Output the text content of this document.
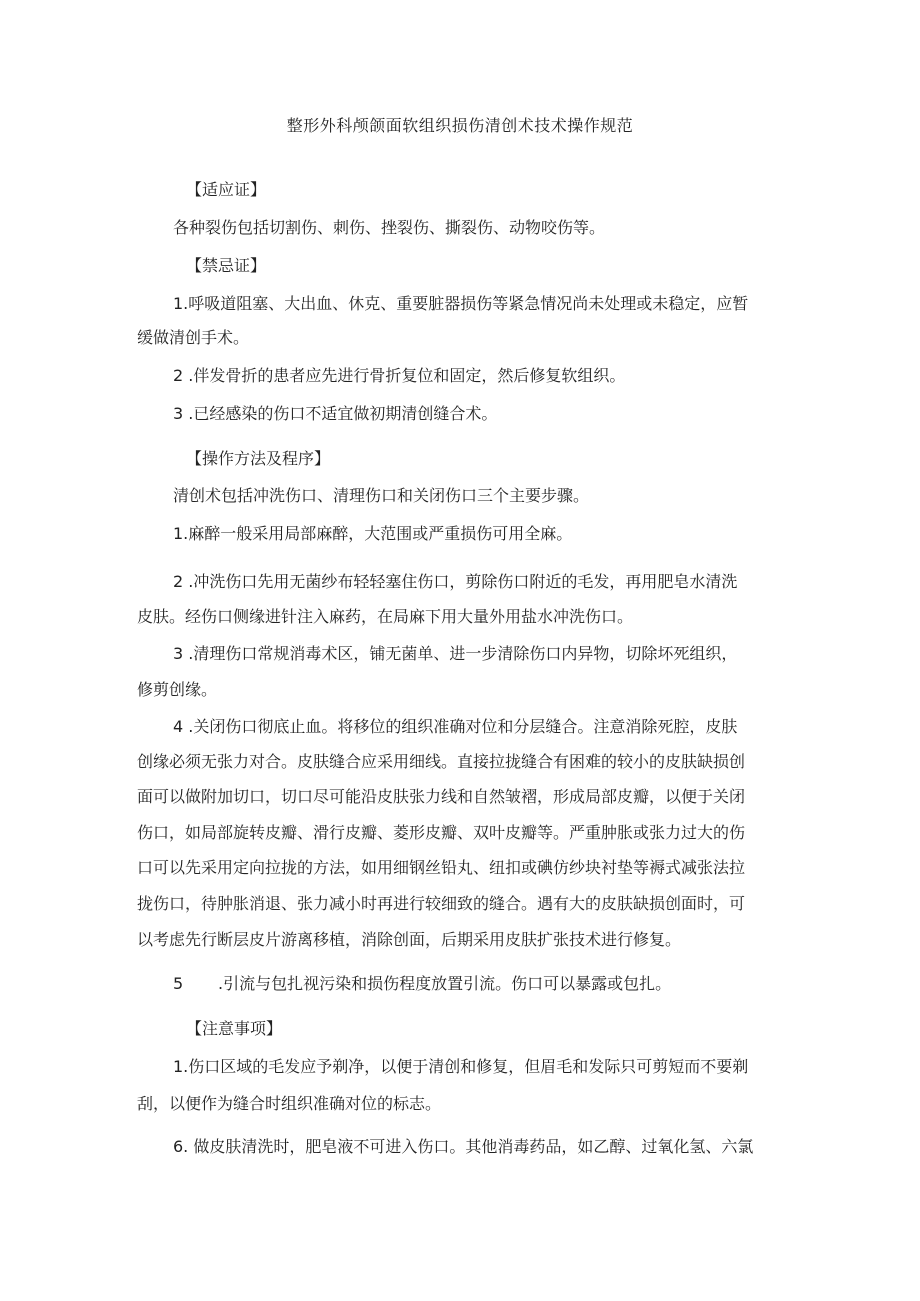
整形外科颅颌面软组织损伤清创术技术操作规范
【适应证】
各种裂伤包括切割伤、刺伤、挫裂伤、撕裂伤、动物咬伤等。
【禁忌证】
1.呼吸道阻塞、大出血、休克、重要脏器损伤等紧急情况尚未处理或未稳定，应暂
缓做清创手术。
2 .伴发骨折的患者应先进行骨折复位和固定，然后修复软组织。
3 .已经感染的伤口不适宜做初期清创缝合术。
【操作方法及程序】
清创术包括冲洗伤口、清理伤口和关闭伤口三个主要步骤。
1.麻醉一般采用局部麻醉，大范围或严重损伤可用全麻。
2 .冲洗伤口先用无菌纱布轻轻塞住伤口，剪除伤口附近的毛发，再用肥皂水清洗
皮肤。经伤口侧缘进针注入麻药，在局麻下用大量外用盐水冲洗伤口。
3 .清理伤口常规消毒术区，铺无菌单、进一步清除伤口内异物，切除坏死组织，
修剪创缘。
4 .关闭伤口彻底止血。将移位的组织准确对位和分层缝合。注意消除死腔，皮肤
创缘必须无张力对合。皮肤缝合应采用细线。直接拉拢缝合有困难的较小的皮肤缺损创
面可以做附加切口，切口尽可能沿皮肤张力线和自然皱褶，形成局部皮瓣，以便于关闭
伤口，如局部旋转皮瓣、滑行皮瓣、菱形皮瓣、双叶皮瓣等。严重肿胀或张力过大的伤
口可以先采用定向拉拢的方法，如用细钢丝铅丸、纽扣或碘仿纱块衬垫等褥式减张法拉
拢伤口，待肿胀消退、张力减小时再进行较细致的缝合。遇有大的皮肤缺损创面时，可
以考虑先行断层皮片游离移植，消除创面，后期采用皮肤扩张技术进行修复。
5 .引流与包扎视污染和损伤程度放置引流。伤口可以暴露或包扎。
【注意事项】
1.伤口区域的毛发应予剃净，以便于清创和修复，但眉毛和发际只可剪短而不要剃
刮，以便作为缝合时组织准确对位的标志。
6. 做皮肤清洗时，肥皂液不可进入伤口。其他消毒药品，如乙醇、过氧化氢、六氯
